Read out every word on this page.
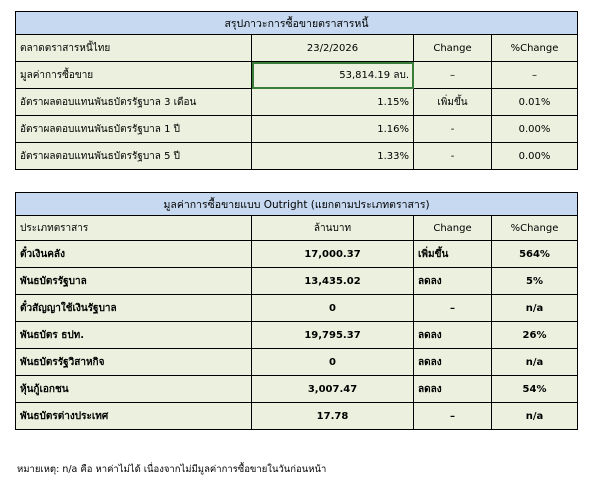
สรุปภาวะการซื้อขายตราสารหนี้			
ตลาดตราสารหนี้ไทย	23/2/2026	Change	%Change
มูลค่าการซื้อขาย	53,814.19 ลบ.	–	–
อัตราผลตอบแทนพันธบัตรรัฐบาล 3 เดือน	1.15%	เพิ่มขึ้น	0.01%
อัตราผลตอบแทนพันธบัตรรัฐบาล 1 ปี	1.16%	-	0.00%
อัตราผลตอบแทนพันธบัตรรัฐบาล 5 ปี	1.33%	-	0.00%
มูลค่าการซื้อขายแบบ Outright (แยกตามประเภทตราสาร)			
ประเภทตราสาร	ล้านบาท	Change	%Change
ตั๋วเงินคลัง	17,000.37	เพิ่มขึ้น	564%
พันธบัตรรัฐบาล	13,435.02	ลดลง	5%
ตั๋วสัญญาใช้เงินรัฐบาล	0	–	n/a
พันธบัตร ธปท.	19,795.37	ลดลง	26%
พันธบัตรรัฐวิสาหกิจ	0	ลดลง	n/a
หุ้นกู้เอกชน	3,007.47	ลดลง	54%
พันธบัตรต่างประเทศ	17.78	–	n/a
หมายเหตุ: n/a คือ หาค่าไม่ได้ เนื่องจากไม่มีมูลค่าการซื้อขายในวันก่อนหน้า
